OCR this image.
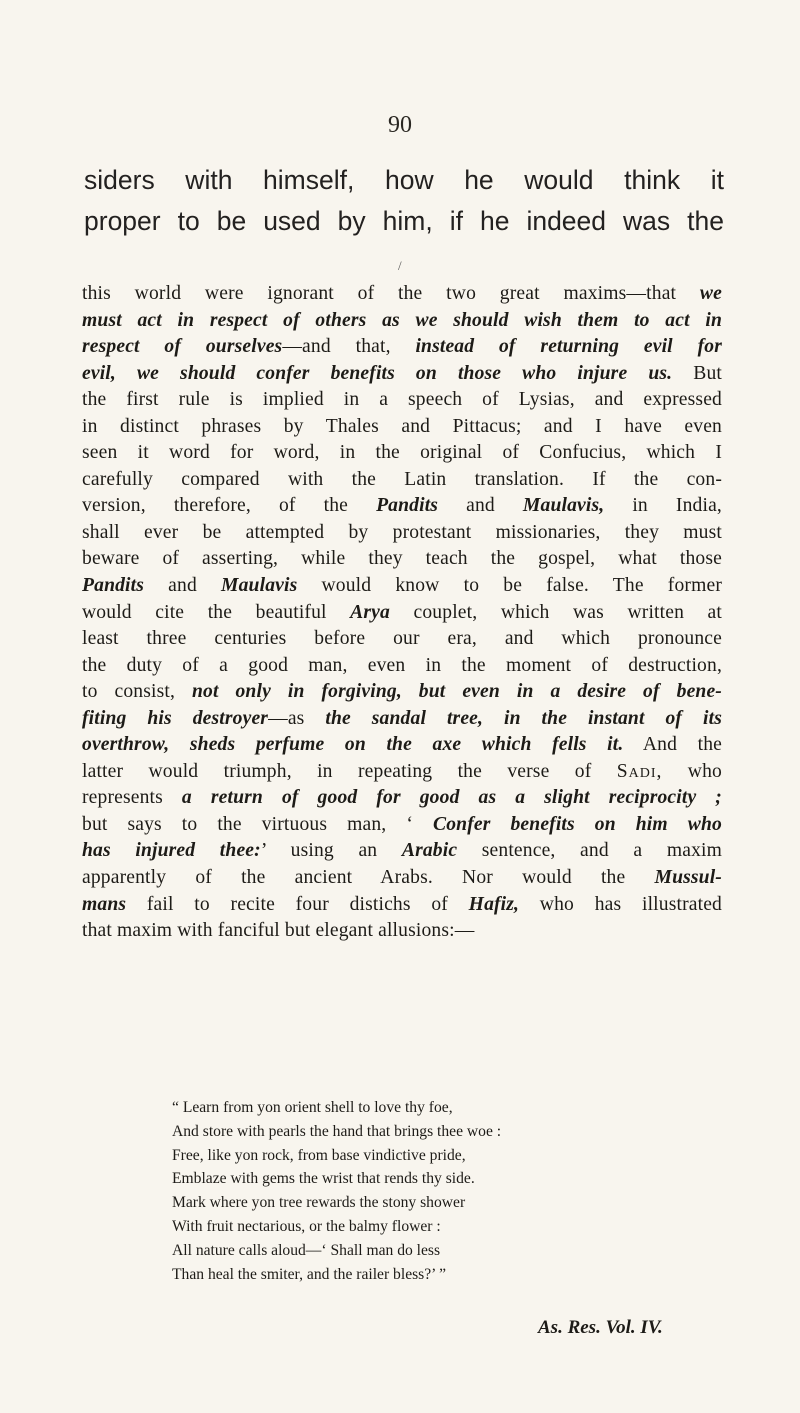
90
siders with himself, how he would think it
proper to be used by him, if he indeed was the
/
this world were ignorant of the two great maxims—that we
must act in respect of others as we should wish them to act in
respect of ourselves—and that, instead of returning evil for
evil, we should confer benefits on those who injure us. But
the first rule is implied in a speech of Lysias, and expressed
in distinct phrases by Thales and Pittacus; and I have even
seen it word for word, in the original of Confucius, which I
carefully compared with the Latin translation. If the con-
version, therefore, of the Pandits and Maulavis, in India,
shall ever be attempted by protestant missionaries, they must
beware of asserting, while they teach the gospel, what those
Pandits and Maulavis would know to be false. The former
would cite the beautiful Arya couplet, which was written at
least three centuries before our era, and which pronounce
the duty of a good man, even in the moment of destruction,
to consist, not only in forgiving, but even in a desire of bene-
fiting his destroyer—as the sandal tree, in the instant of its
overthrow, sheds perfume on the axe which fells it. And the
latter would triumph, in repeating the verse of Sadi, who
represents a return of good for good as a slight reciprocity ;
but says to the virtuous man, ‘ Confer benefits on him who
has injured thee:’ using an Arabic sentence, and a maxim
apparently of the ancient Arabs. Nor would the Mussul-
mans fail to recite four distichs of Hafiz, who has illustrated
that maxim with fanciful but elegant allusions:—
“ Learn from yon orient shell to love thy foe,
And store with pearls the hand that brings thee woe :
Free, like yon rock, from base vindictive pride,
Emblaze with gems the wrist that rends thy side.
Mark where yon tree rewards the stony shower
With fruit nectarious, or the balmy flower :
All nature calls aloud—‘ Shall man do less
Than heal the smiter, and the railer bless?’ ”
As. Res. Vol. IV.
